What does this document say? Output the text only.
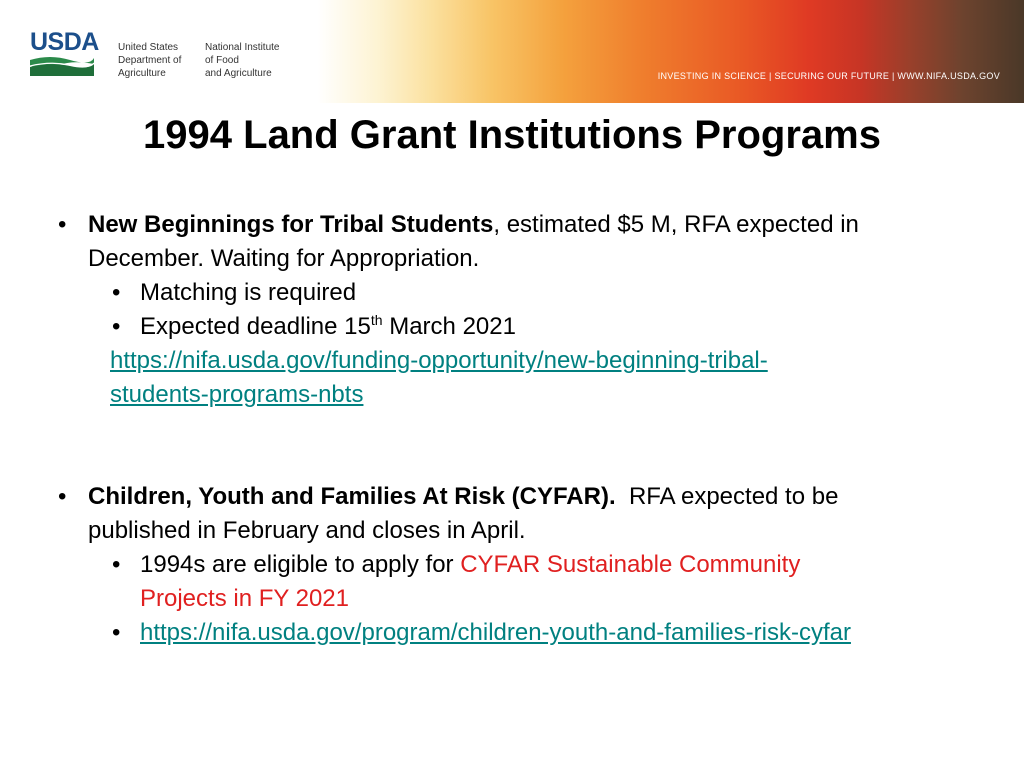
USDA United States
Department of
Agriculture
National Institute
of Food
and Agriculture	INVESTING IN SCIENCE | SECURING OUR FUTURE | WWW.NIFA.USDA.GOV
1994 Land Grant Institutions Programs
• New Beginnings for Tribal Students, estimated $5 M, RFA expected in
December. Waiting for Appropriation.
• Matching is required
• Expected deadline 15th March 2021
https://nifa.usda.gov/funding-opportunity/new-beginning-tribal-
students-programs-nbts
• Children, Youth and Families At Risk (CYFAR).  RFA expected to be
published in February and closes in April.
• 1994s are eligible to apply for CYFAR Sustainable Community
Projects in FY 2021
• https://nifa.usda.gov/program/children-youth-and-families-risk-cyfar
